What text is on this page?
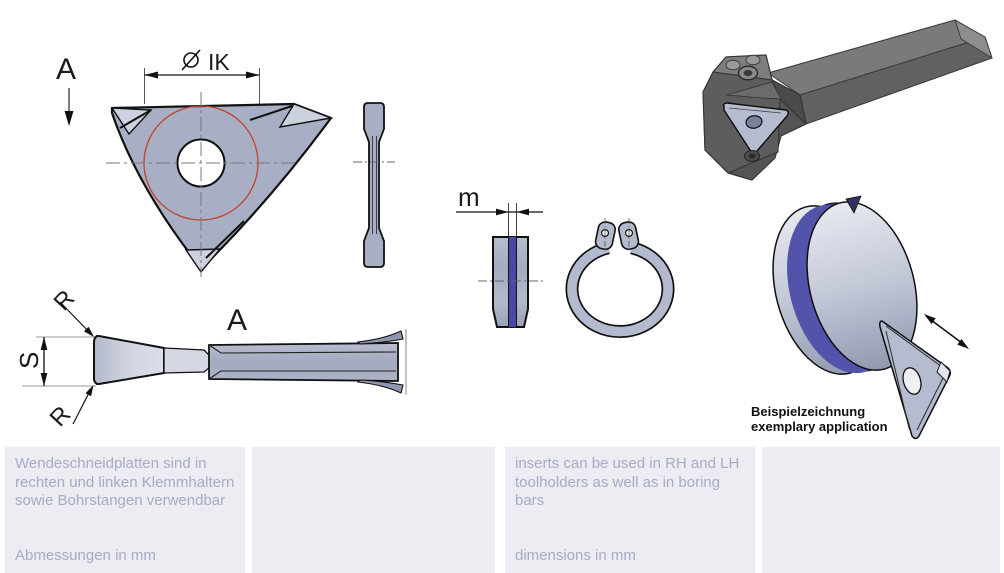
A	IK
m
A
S
R
R	Beispielzeichnung
exemplary application
Wendeschneidplatten sind in rechten und linken Klemmhaltern sowie Bohrstangen verwendbar
Abmessungen in mm
inserts can be used in RH and LH toolholders as well as in boring bars
dimensions in mm
